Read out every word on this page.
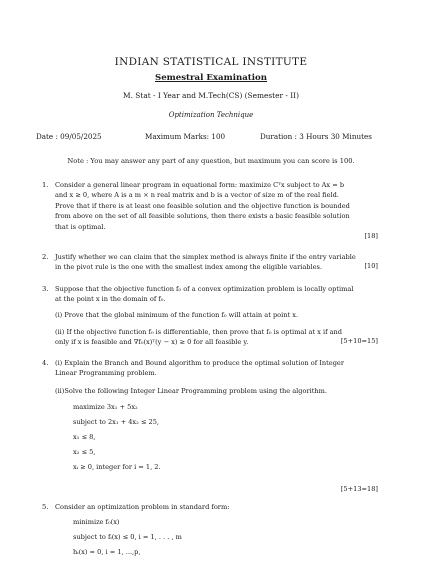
INDIAN STATISTICAL INSTITUTE
Semestral Examination
M. Stat - I Year and M.Tech(CS) (Semester - II)
Optimization Technique
Date : 09/05/2025	Maximum Marks: 100	Duration : 3 Hours 30 Minutes
Note : You may answer any part of any question, but maximum you can score is 100.
1. Consider a general linear program in equational form: maximize Cᵀx subject to Ax = b
and x ≥ 0, where A is a m × n real matrix and b is a vector of size m of the real field.
Prove that if there is at least one feasible solution and the objective function is bounded
from above on the set of all feasible solutions, then there exists a basic feasible solution
that is optimal.
[18]
2. Justify whether we can claim that the simplex method is always finite if the entry variable
in the pivot rule is the one with the smallest index among the eligible variables.	[10]
3. Suppose that the objective function f₀ of a convex optimization problem is locally optimal
at the point x in the domain of f₀.
(i) Prove that the global minimum of the function f₀ will attain at point x.
(ii) If the objective function f₀ is differentiable, then prove that f₀ is optimal at x if and
only if x is feasible and ∇f₀(x)ᵀ(y − x) ≥ 0 for all feasible y.	[5+10=15]
4. (i) Explain the Branch and Bound algorithm to produce the optimal solution of Integer
Linear Programming problem.
(ii)Solve the following Integer Linear Programming problem using the algorithm.
maximize 3x₁ + 5x₂
subject to 2x₁ + 4x₂ ≤ 25,
x₁ ≤ 8,
x₂ ≤ 5,
xᵢ ≥ 0, integer for i = 1, 2.
[5+13=18]
5. Consider an optimization problem in standard form:
minimize f₀(x)
subject to fᵢ(x) ≤ 0, i = 1, . . . , m
hᵢ(x) = 0, i = 1, ...,p,
